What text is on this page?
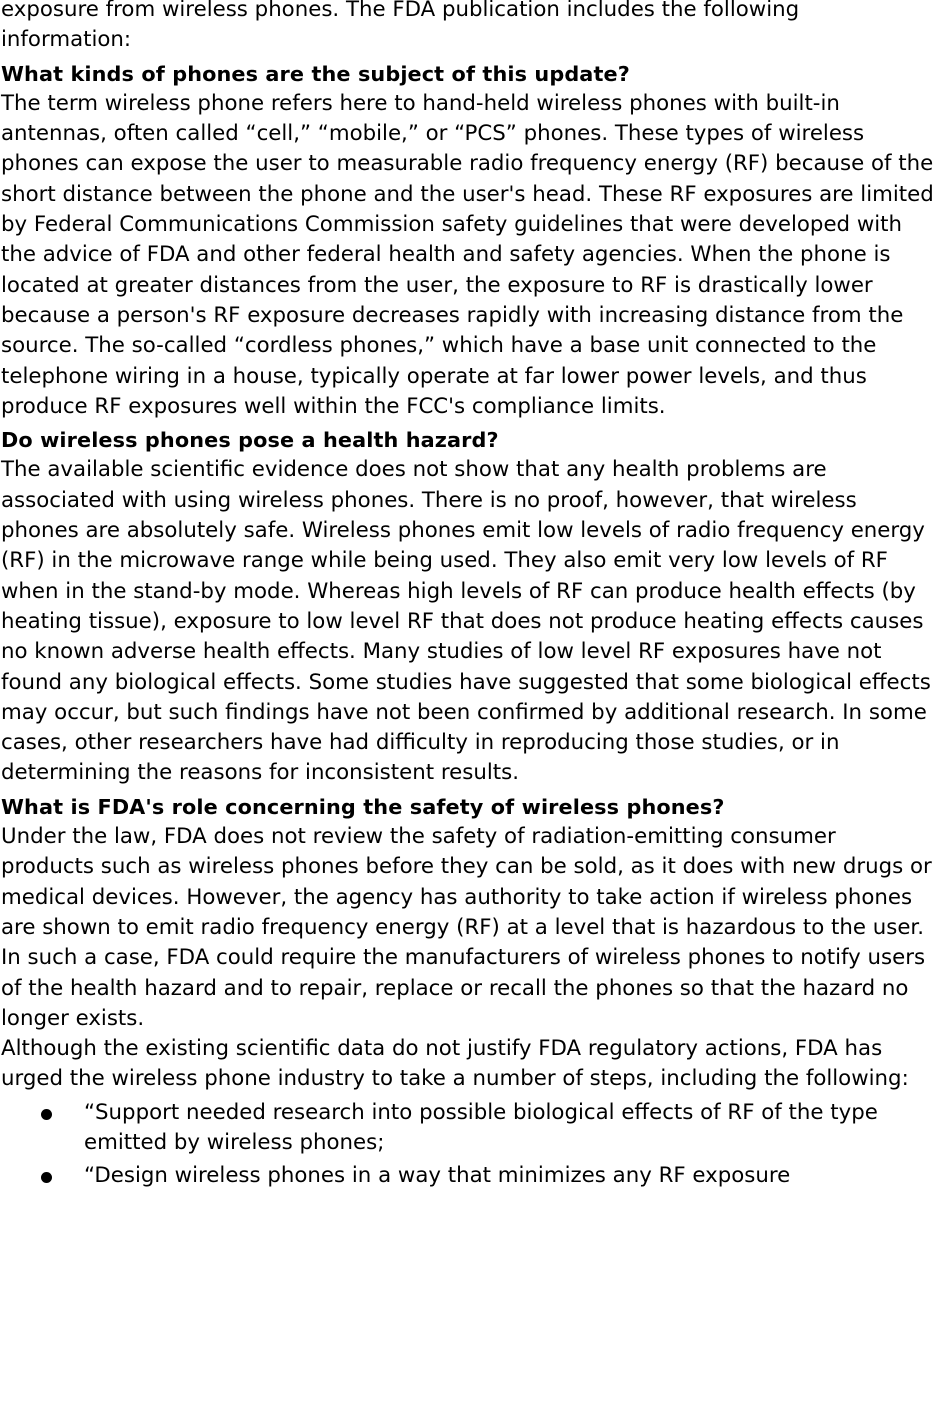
exposure from wireless phones. The FDA publication includes the following information:

What kinds of phones are the subject of this update?

The term wireless phone refers here to hand-held wireless phones with built-in antennas, often called “cell,” “mobile,” or “PCS” phones. These types of wireless phones can expose the user to measurable radio frequency energy (RF) because of the short distance between the phone and the user's head. These RF exposures are limited by Federal Communications Commission safety guidelines that were developed with the advice of FDA and other federal health and safety agencies. When the phone is located at greater distances from the user, the exposure to RF is drastically lower because a person's RF exposure decreases rapidly with increasing distance from the source. The so-called “cordless phones,” which have a base unit connected to the telephone wiring in a house, typically operate at far lower power levels, and thus produce RF exposures well within the FCC's compliance limits.

Do wireless phones pose a health hazard?

The available scientific evidence does not show that any health problems are associated with using wireless phones. There is no proof, however, that wireless phones are absolutely safe. Wireless phones emit low levels of radio frequency energy (RF) in the microwave range while being used. They also emit very low levels of RF when in the stand-by mode. Whereas high levels of RF can produce health effects (by heating tissue), exposure to low level RF that does not produce heating effects causes no known adverse health effects. Many studies of low level RF exposures have not found any biological effects. Some studies have suggested that some biological effects may occur, but such findings have not been confirmed by additional research. In some cases, other researchers have had difficulty in reproducing those studies, or in determining the reasons for inconsistent results.

What is FDA's role concerning the safety of wireless phones?

Under the law, FDA does not review the safety of radiation-emitting consumer products such as wireless phones before they can be sold, as it does with new drugs or medical devices. However, the agency has authority to take action if wireless phones are shown to emit radio frequency energy (RF) at a level that is hazardous to the user. In such a case, FDA could require the manufacturers of wireless phones to notify users of the health hazard and to repair, replace or recall the phones so that the hazard no longer exists.

Although the existing scientific data do not justify FDA regulatory actions, FDA has urged the wireless phone industry to take a number of steps, including the following:

“Support needed research into possible biological effects of RF of the type emitted by wireless phones;
“Design wireless phones in a way that minimizes any RF exposure
